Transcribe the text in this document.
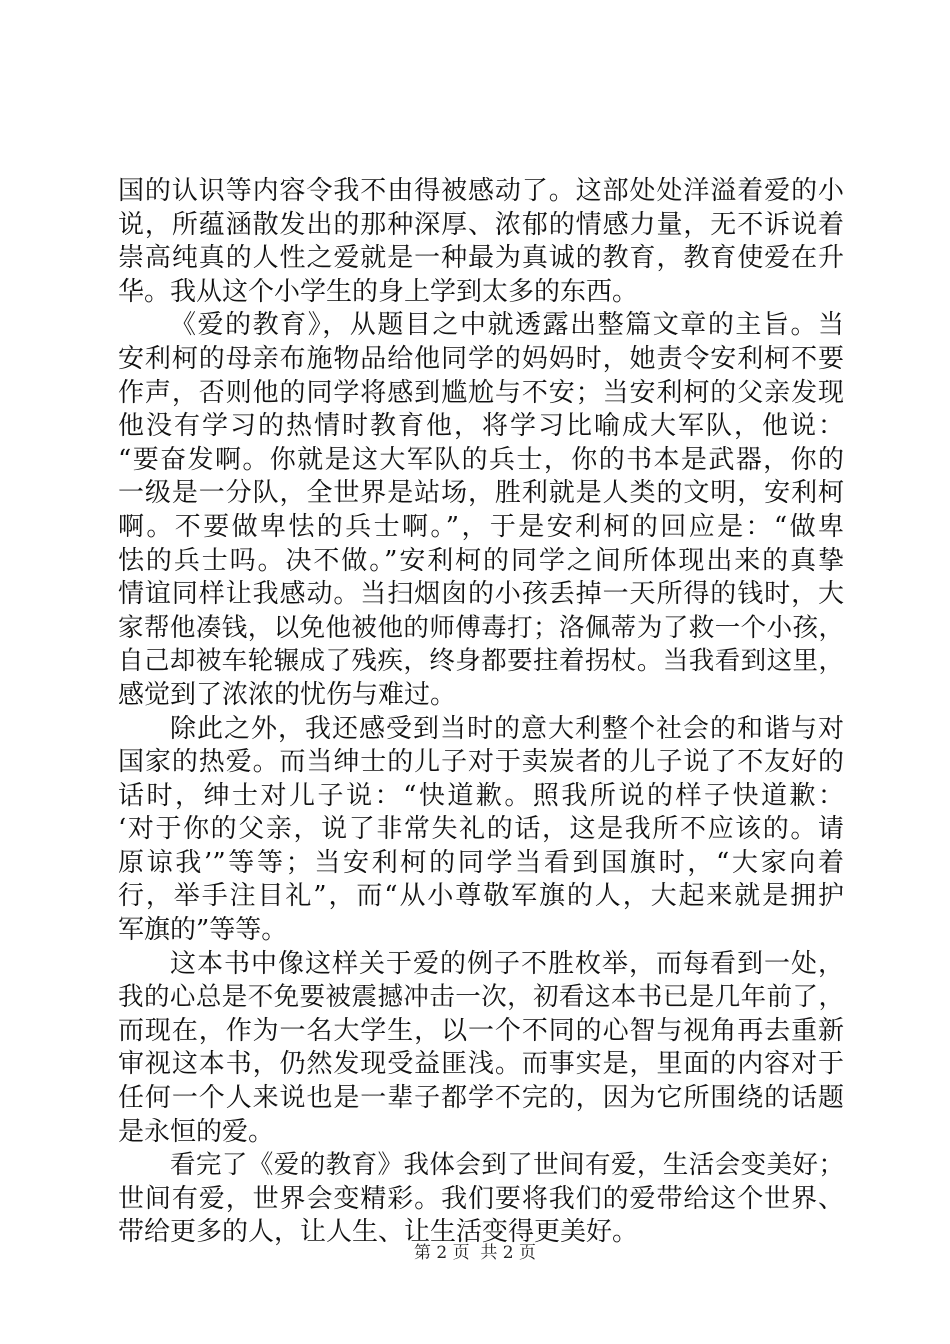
国的认识等内容令我不由得被感动了。这部处处洋溢着爱的小
说，所蕴涵散发出的那种深厚、浓郁的情感力量，无不诉说着
崇高纯真的人性之爱就是一种最为真诚的教育，教育使爱在升
华。我从这个小学生的身上学到太多的东西。
《爱的教育》，从题目之中就透露出整篇文章的主旨。当
安利柯的母亲布施物品给他同学的妈妈时，她责令安利柯不要
作声，否则他的同学将感到尴尬与不安；当安利柯的父亲发现
他没有学习的热情时教育他，将学习比喻成大军队，他说：
“要奋发啊。你就是这大军队的兵士，你的书本是武器，你的
一级是一分队，全世界是站场，胜利就是人类的文明，安利柯
啊。不要做卑怯的兵士啊。”，于是安利柯的回应是：“做卑
怯的兵士吗。决不做。”安利柯的同学之间所体现出来的真挚
情谊同样让我感动。当扫烟囱的小孩丢掉一天所得的钱时，大
家帮他凑钱，以免他被他的师傅毒打；洛佩蒂为了救一个小孩，
自己却被车轮辗成了残疾，终身都要拄着拐杖。当我看到这里，
感觉到了浓浓的忧伤与难过。
除此之外，我还感受到当时的意大利整个社会的和谐与对
国家的热爱。而当绅士的儿子对于卖炭者的儿子说了不友好的
话时，绅士对儿子说：“快道歉。照我所说的样子快道歉：
‘对于你的父亲，说了非常失礼的话，这是我所不应该的。请
原谅我’”等等；当安利柯的同学当看到国旗时，“大家向着
行，举手注目礼”，而“从小尊敬军旗的人，大起来就是拥护
军旗的”等等。
这本书中像这样关于爱的例子不胜枚举，而每看到一处，
我的心总是不免要被震撼冲击一次，初看这本书已是几年前了，
而现在，作为一名大学生，以一个不同的心智与视角再去重新
审视这本书，仍然发现受益匪浅。而事实是，里面的内容对于
任何一个人来说也是一辈子都学不完的，因为它所围绕的话题
是永恒的爱。
看完了《爱的教育》我体会到了世间有爱，生活会变美好；
世间有爱，世界会变精彩。我们要将我们的爱带给这个世界、
带给更多的人，让人生、让生活变得更美好。
第 2 页  共 2 页
